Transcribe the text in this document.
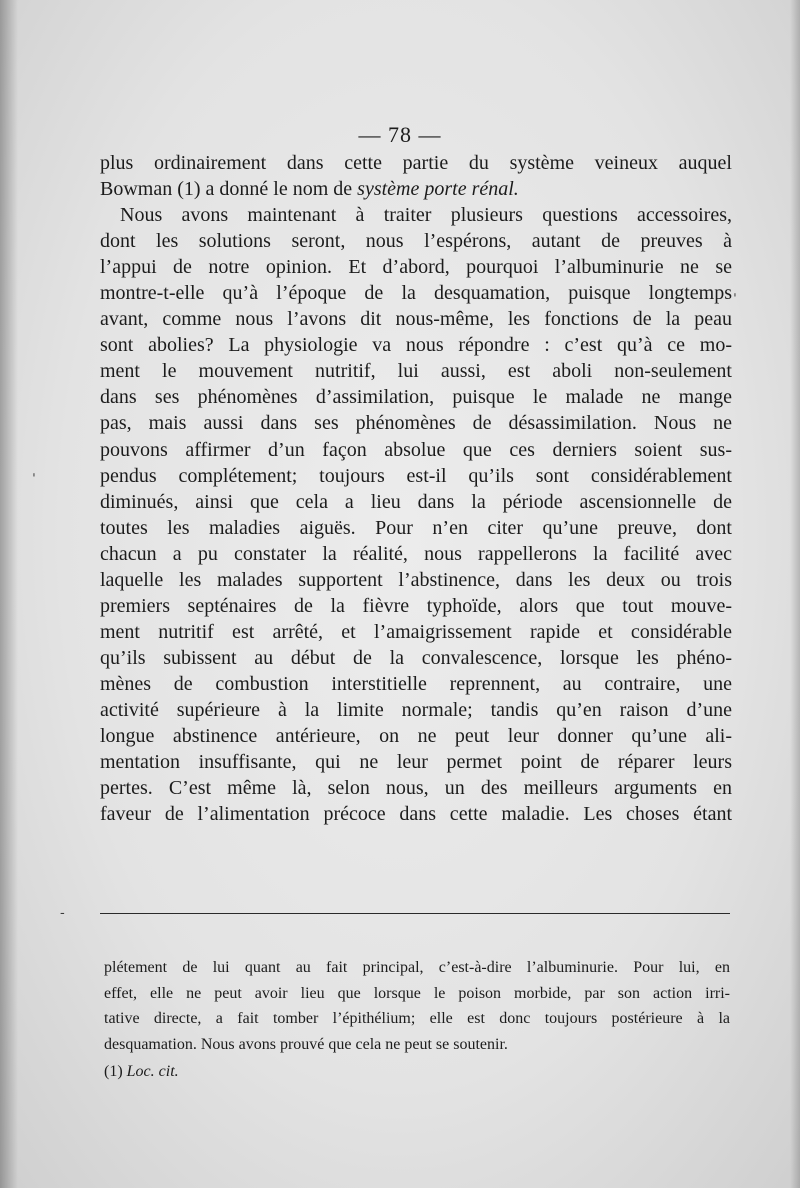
— 78 —
plus ordinairement dans cette partie du système veineux auquel
Bowman (1) a donné le nom de système porte rénal.
Nous avons maintenant à traiter plusieurs questions accessoires,
dont les solutions seront, nous l’espérons, autant de preuves à
l’appui de notre opinion. Et d’abord, pourquoi l’albuminurie ne se
montre-t-elle qu’à l’époque de la desquamation, puisque longtemps
avant, comme nous l’avons dit nous-même, les fonctions de la peau
sont abolies? La physiologie va nous répondre : c’est qu’à ce mo-
ment le mouvement nutritif, lui aussi, est aboli non-seulement
dans ses phénomènes d’assimilation, puisque le malade ne mange
pas, mais aussi dans ses phénomènes de désassimilation. Nous ne
pouvons affirmer d’un façon absolue que ces derniers soient sus-
pendus complétement; toujours est-il qu’ils sont considérablement
diminués, ainsi que cela a lieu dans la période ascensionnelle de
toutes les maladies aiguës. Pour n’en citer qu’une preuve, dont
chacun a pu constater la réalité, nous rappellerons la facilité avec
laquelle les malades supportent l’abstinence, dans les deux ou trois
premiers septénaires de la fièvre typhoïde, alors que tout mouve-
ment nutritif est arrêté, et l’amaigrissement rapide et considérable
qu’ils subissent au début de la convalescence, lorsque les phéno-
mènes de combustion interstitielle reprennent, au contraire, une
activité supérieure à la limite normale; tandis qu’en raison d’une
longue abstinence antérieure, on ne peut leur donner qu’une ali-
mentation insuffisante, qui ne leur permet point de réparer leurs
pertes. C’est même là, selon nous, un des meilleurs arguments en
faveur de l’alimentation précoce dans cette maladie. Les choses étant
plétement de lui quant au fait principal, c’est-à-dire l’albuminurie. Pour lui, en
effet, elle ne peut avoir lieu que lorsque le poison morbide, par son action irri-
tative directe, a fait tomber l’épithélium; elle est donc toujours postérieure à la
desquamation. Nous avons prouvé que cela ne peut se soutenir.
(1) Loc. cit.
ˈ
ˈ
-
